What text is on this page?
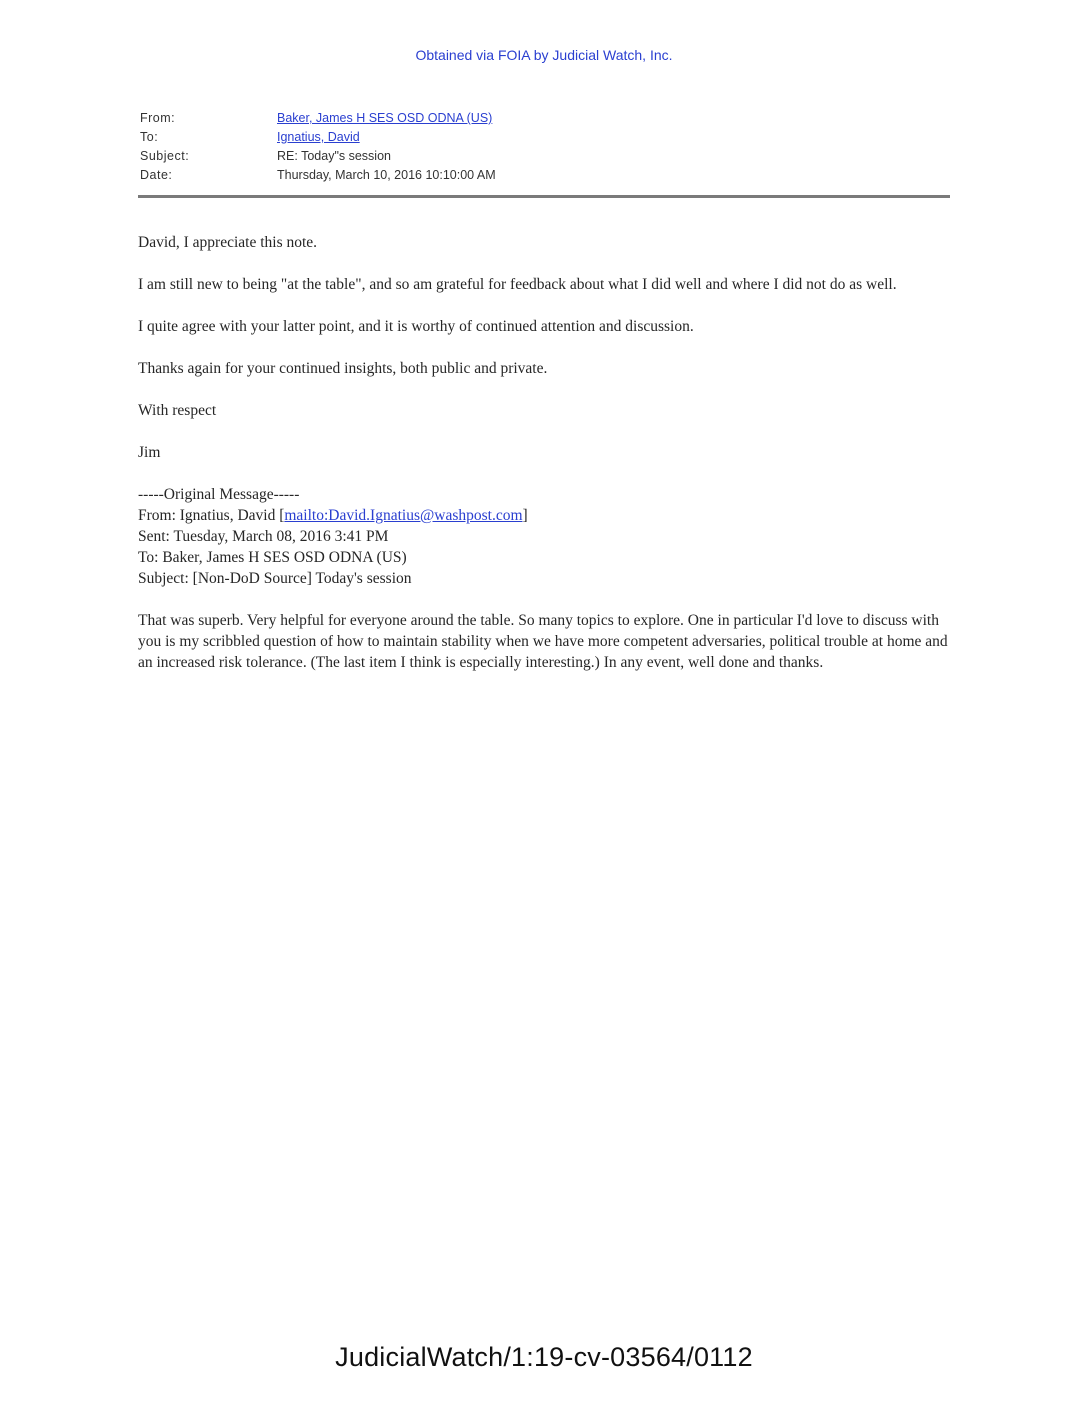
Obtained via FOIA by Judicial Watch, Inc.
From:	Baker, James H SES OSD ODNA (US)
To:	Ignatius, David
Subject:	RE: Today"s session
Date:	Thursday, March 10, 2016 10:10:00 AM

David, I appreciate this note.

I am still new to being "at the table", and so am grateful for feedback about what I did well and where I did not do as well.

I quite agree with your latter point, and it is worthy of continued attention and discussion.

Thanks again for your continued insights, both public and private.

With respect

Jim

-----Original Message-----

From: Ignatius, David [mailto:David.Ignatius@washpost.com]

Sent: Tuesday, March 08, 2016 3:41 PM

To: Baker, James H SES OSD ODNA (US)

Subject: [Non-DoD Source] Today's session

That was superb. Very helpful for everyone around the table. So many topics to explore. One in particular I'd love to discuss with you is my scribbled question of how to maintain stability when we have more competent adversaries, political trouble at home and an increased risk tolerance. (The last item I think is especially interesting.) In any event, well done and thanks.

JudicialWatch/1:19-cv-03564/0112
